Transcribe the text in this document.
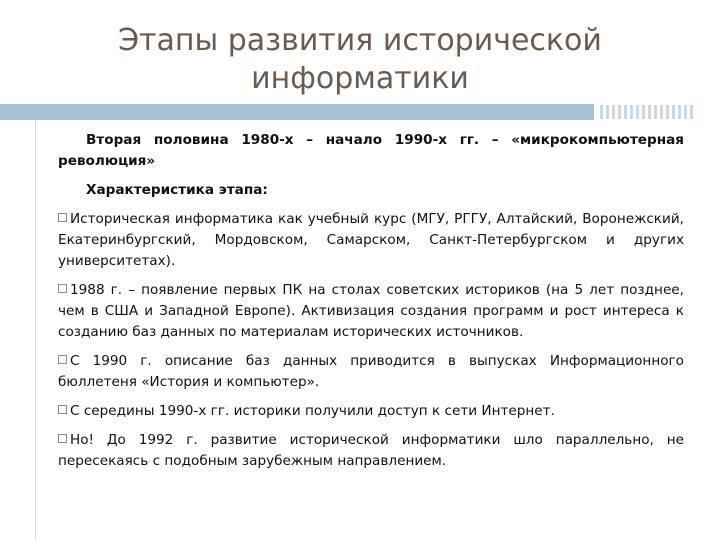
Этапы развития исторической информатики

Вторая половина 1980-х – начало 1990-х гг. – «микрокомпьютерная революция»

Характеристика этапа:

Историческая информатика как учебный курс (МГУ, РГГУ, Алтайский, Воронежский, Екатеринбургский, Мордовском, Самарском, Санкт-Петербургском и других университетах).

1988 г. – появление первых ПК на столах советских историков (на 5 лет позднее, чем в США и Западной Европе). Активизация создания программ и рост интереса к созданию баз данных по материалам исторических источников.

С 1990 г. описание баз данных приводится в выпусках Информационного бюллетеня «История и компьютер».

С середины 1990-х гг. историки получили доступ к сети Интернет.

Но! До 1992 г. развитие исторической информатики шло параллельно, не пересекаясь с подобным зарубежным направлением.
